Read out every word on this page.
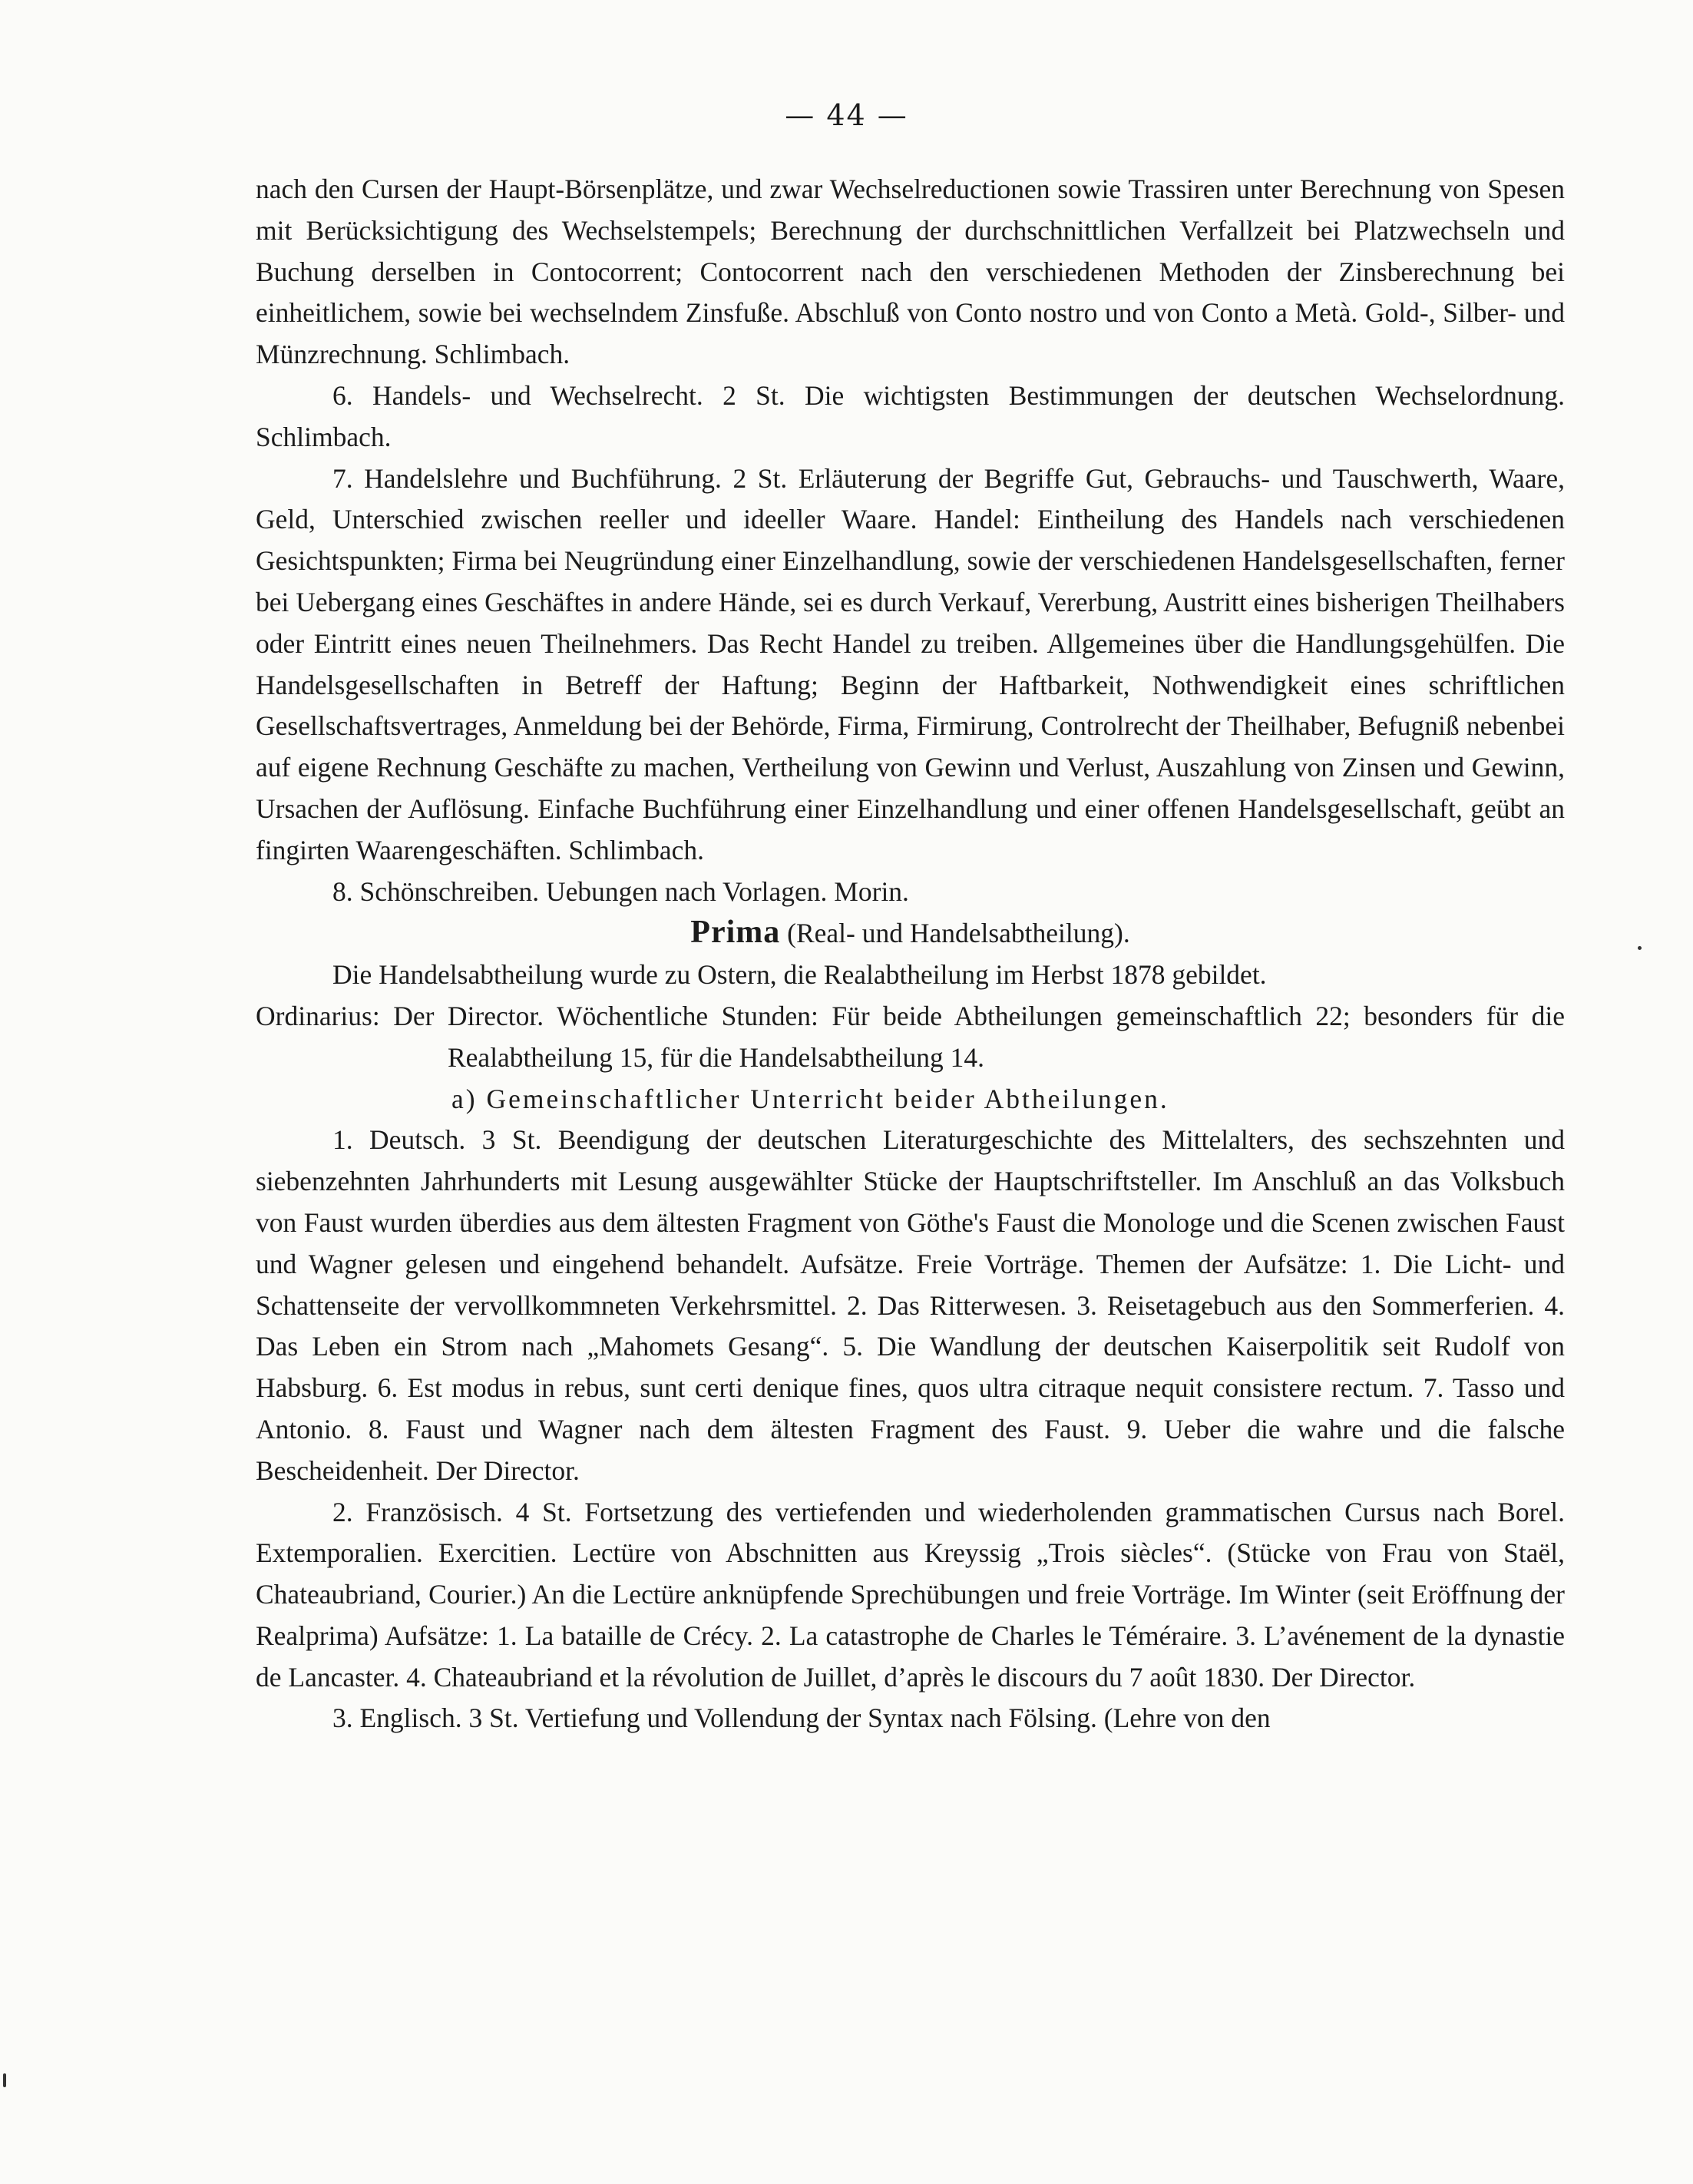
— 44 —

nach den Cursen der Haupt-Börsenplätze, und zwar Wechselreductionen sowie Trassiren unter Berechnung von Spesen mit Berücksichtigung des Wechselstempels; Berechnung der durchschnittlichen Verfallzeit bei Platzwechseln und Buchung derselben in Contocorrent; Contocorrent nach den verschiedenen Methoden der Zinsberechnung bei einheitlichem, sowie bei wechselndem Zinsfuße. Abschluß von Conto nostro und von Conto a Metà. Gold-, Silber- und Münzrechnung. Schlimbach.

6. Handels- und Wechselrecht. 2 St. Die wichtigsten Bestimmungen der deutschen Wechselordnung. Schlimbach.

7. Handelslehre und Buchführung. 2 St. Erläuterung der Begriffe Gut, Gebrauchs- und Tauschwerth, Waare, Geld, Unterschied zwischen reeller und ideeller Waare. Handel: Eintheilung des Handels nach verschiedenen Gesichtspunkten; Firma bei Neugründung einer Einzelhandlung, sowie der verschiedenen Handelsgesellschaften, ferner bei Uebergang eines Geschäftes in andere Hände, sei es durch Verkauf, Vererbung, Austritt eines bisherigen Theilhabers oder Eintritt eines neuen Theilnehmers. Das Recht Handel zu treiben. Allgemeines über die Handlungsgehülfen. Die Handelsgesellschaften in Betreff der Haftung; Beginn der Haftbarkeit, Nothwendigkeit eines schriftlichen Gesellschaftsvertrages, Anmeldung bei der Behörde, Firma, Firmirung, Controlrecht der Theilhaber, Befugniß nebenbei auf eigene Rechnung Geschäfte zu machen, Vertheilung von Gewinn und Verlust, Auszahlung von Zinsen und Gewinn, Ursachen der Auflösung. Einfache Buchführung einer Einzelhandlung und einer offenen Handelsgesellschaft, geübt an fingirten Waarengeschäften. Schlimbach.

8. Schönschreiben. Uebungen nach Vorlagen. Morin.

Prima (Real- und Handelsabtheilung).

Die Handelsabtheilung wurde zu Ostern, die Realabtheilung im Herbst 1878 gebildet.

Ordinarius: Der Director. Wöchentliche Stunden: Für beide Abtheilungen gemeinschaftlich 22; besonders für die Realabtheilung 15, für die Handelsabtheilung 14.

a) Gemeinschaftlicher Unterricht beider Abtheilungen.

1. Deutsch. 3 St. Beendigung der deutschen Literaturgeschichte des Mittelalters, des sechszehnten und siebenzehnten Jahrhunderts mit Lesung ausgewählter Stücke der Hauptschriftsteller. Im Anschluß an das Volksbuch von Faust wurden überdies aus dem ältesten Fragment von Göthe's Faust die Monologe und die Scenen zwischen Faust und Wagner gelesen und eingehend behandelt. Aufsätze. Freie Vorträge. Themen der Aufsätze: 1. Die Licht- und Schattenseite der vervollkommneten Verkehrsmittel. 2. Das Ritterwesen. 3. Reisetagebuch aus den Sommerferien. 4. Das Leben ein Strom nach „Mahomets Gesang“. 5. Die Wandlung der deutschen Kaiserpolitik seit Rudolf von Habsburg. 6. Est modus in rebus, sunt certi denique fines, quos ultra citraque nequit consistere rectum. 7. Tasso und Antonio. 8. Faust und Wagner nach dem ältesten Fragment des Faust. 9. Ueber die wahre und die falsche Bescheidenheit. Der Director.

2. Französisch. 4 St. Fortsetzung des vertiefenden und wiederholenden grammatischen Cursus nach Borel. Extemporalien. Exercitien. Lectüre von Abschnitten aus Kreyssig „Trois siècles“. (Stücke von Frau von Staël, Chateaubriand, Courier.) An die Lectüre anknüpfende Sprechübungen und freie Vorträge. Im Winter (seit Eröffnung der Realprima) Aufsätze: 1. La bataille de Crécy. 2. La catastrophe de Charles le Téméraire. 3. L’avénement de la dynastie de Lancaster. 4. Chateaubriand et la révolution de Juillet, d’après le discours du 7 août 1830. Der Director.

3. Englisch. 3 St. Vertiefung und Vollendung der Syntax nach Fölsing. (Lehre von den
